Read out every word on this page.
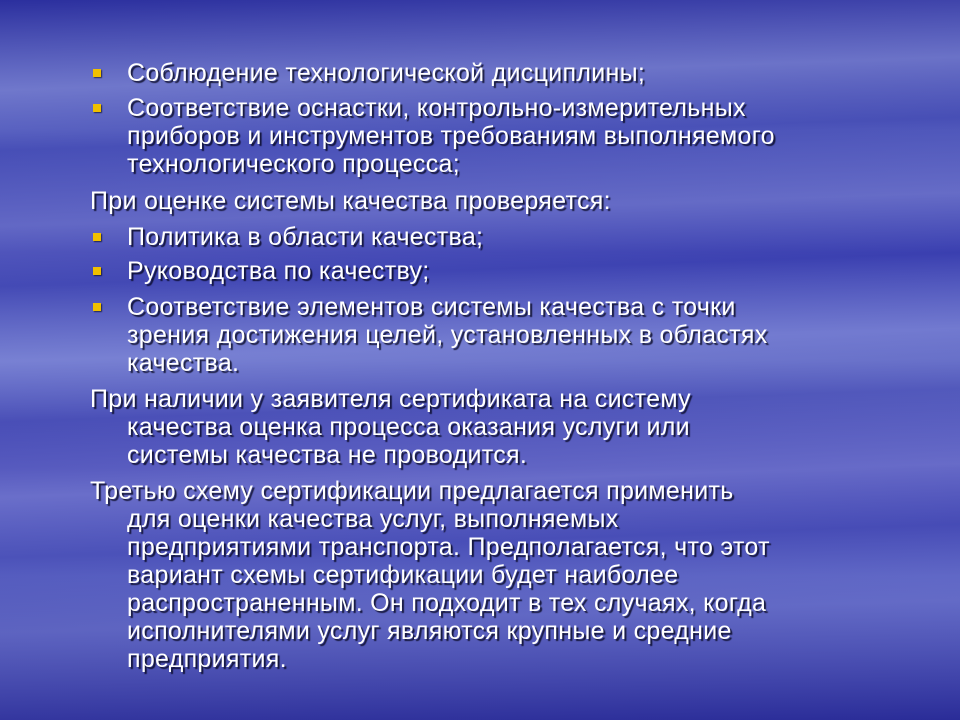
Соблюдение технологической дисциплины;
Соответствие оснастки, контрольно-измерительных
приборов и инструментов требованиям выполняемого
технологического процесса;
При оценке системы качества проверяется:
Политика в области качества;
Руководства по качеству;
Соответствие элементов системы качества с точки
зрения достижения целей, установленных в областях
качества.
При наличии у заявителя сертификата на систему
качества оценка процесса оказания услуги или
системы качества не проводится.
Третью схему сертификации предлагается применить
для оценки качества услуг, выполняемых
предприятиями транспорта. Предполагается, что этот
вариант схемы сертификации будет наиболее
распространенным. Он подходит в тех случаях, когда
исполнителями услуг являются крупные и средние
предприятия.
